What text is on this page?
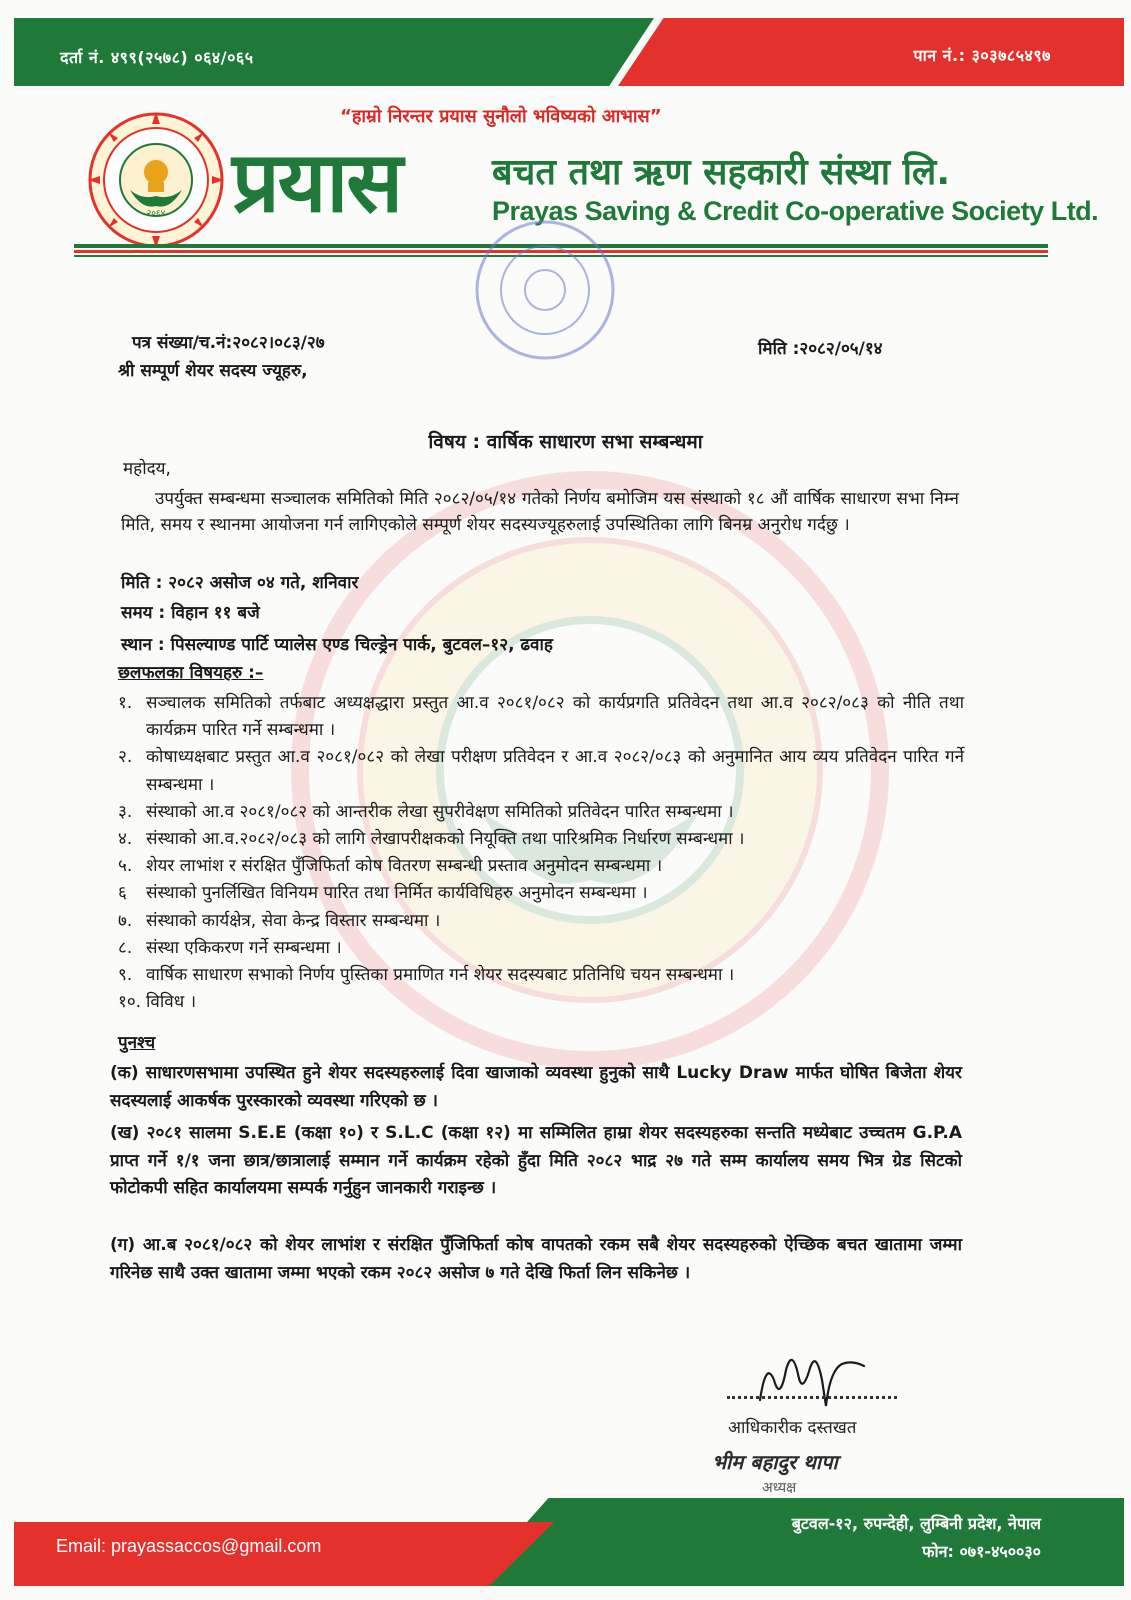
दर्ता नं. ४९९(२५७८) ०६४/०६५	पान नं.: ३०३७८५४९७
“हाम्रो निरन्तर प्रयास सुनौलो भविष्यको आभास”
२०६४ प्रयास	बचत तथा ऋण सहकारी संस्था लि.
Prayas Saving & Credit Co-operative Society Ltd.
पत्र संख्या/च.नं:२०८२।०८३/२७
श्री सम्पूर्ण शेयर सदस्य ज्यूहरु,
मिति :२०८२/०५/१४
विषय : वार्षिक साधारण सभा सम्बन्धमा
महोदय,
उपर्युक्त सम्बन्धमा सञ्चालक समितिको मिति २०८२/०५/१४ गतेको निर्णय बमोजिम यस संस्थाको १८ औं वार्षिक साधारण सभा निम्न मिति, समय र स्थानमा आयोजना गर्न लागिएकोले सम्पूर्ण शेयर सदस्यज्यूहरुलाई उपस्थितिका लागि बिनम्र अनुरोध गर्दछु ।
मिति : २०८२ असोज ०४ गते, शनिवार
समय : विहान ११ बजे
स्थान : पिसल्याण्ड पार्टि प्यालेस एण्ड चिल्ड्रेन पार्क, बुटवल–१२, ढवाह
छलफलका विषयहरु :–
१. सञ्चालक समितिको तर्फबाट अध्यक्षद्धारा प्रस्तुत आ.व २०८१/०८२ को कार्यप्रगति प्रतिवेदन तथा आ.व २०८२/०८३ को नीति तथा कार्यक्रम पारित गर्ने सम्बन्धमा ।
२. कोषाध्यक्षबाट प्रस्तुत आ.व २०८१/०८२ को लेखा परीक्षण प्रतिवेदन र आ.व २०८२/०८३ को अनुमानित आय व्यय प्रतिवेदन पारित गर्ने सम्बन्धमा ।
३. संस्थाको आ.व २०८१/०८२ को आन्तरीक लेखा सुपरीवेक्षण समितिको प्रतिवेदन पारित सम्बन्धमा ।
४. संस्थाको आ.व.२०८२/०८३ को लागि लेखापरीक्षकको नियूक्ति तथा पारिश्रमिक निर्धारण सम्बन्धमा ।
५. शेयर लाभांश र संरक्षित पुँजिफिर्ता कोष वितरण सम्बन्धी प्रस्ताव अनुमोदन सम्बन्धमा ।
६ संस्थाको पुनर्लिखित विनियम पारित तथा निर्मित कार्यविधिहरु अनुमोदन सम्बन्धमा ।
७. संस्थाको कार्यक्षेत्र, सेवा केन्द्र विस्तार सम्बन्धमा ।
८. संस्था एकिकरण गर्ने सम्बन्धमा ।
९. वार्षिक साधारण सभाको निर्णय पुस्तिका प्रमाणित गर्न शेयर सदस्यबाट प्रतिनिधि चयन सम्बन्धमा ।
१०. विविध ।
पुनश्च
(क) साधारणसभामा उपस्थित हुने शेयर सदस्यहरुलाई दिवा खाजाको व्यवस्था हुनुको साथै Lucky Draw मार्फत घोषित बिजेता शेयर सदस्यलाई आकर्षक पुरस्कारको व्यवस्था गरिएको छ ।
(ख) २०८१ सालमा S.E.E (कक्षा १०) र S.L.C (कक्षा १२) मा सम्मिलित हाम्रा शेयर सदस्यहरुका सन्तति मध्येबाट उच्चतम G.P.A प्राप्त गर्ने १/१ जना छात्र/छात्रालाई सम्मान गर्ने कार्यक्रम रहेको हुँदा मिति २०८२ भाद्र २७ गते सम्म कार्यालय समय भित्र ग्रेड सिटको फोटोकपी सहित कार्यालयमा सम्पर्क गर्नुहुन जानकारी गराइन्छ ।
(ग) आ.ब २०८१/०८२ को शेयर लाभांश र संरक्षित पुँजिफिर्ता कोष वापतको रकम सबै शेयर सदस्यहरुको ऐच्छिक बचत खातामा जम्मा गरिनेछ साथै उक्त खातामा जम्मा भएको रकम २०८२ असोज ७ गते देखि फिर्ता लिन सकिनेछ ।
आधिकारीक दस्तखत
भीम बहादुर थापा
अध्यक्ष
Email: prayassaccos@gmail.com
बुटवल-१२, रुपन्देही, लुम्बिनी प्रदेश, नेपाल
फोन: ०७१-४५००३०
